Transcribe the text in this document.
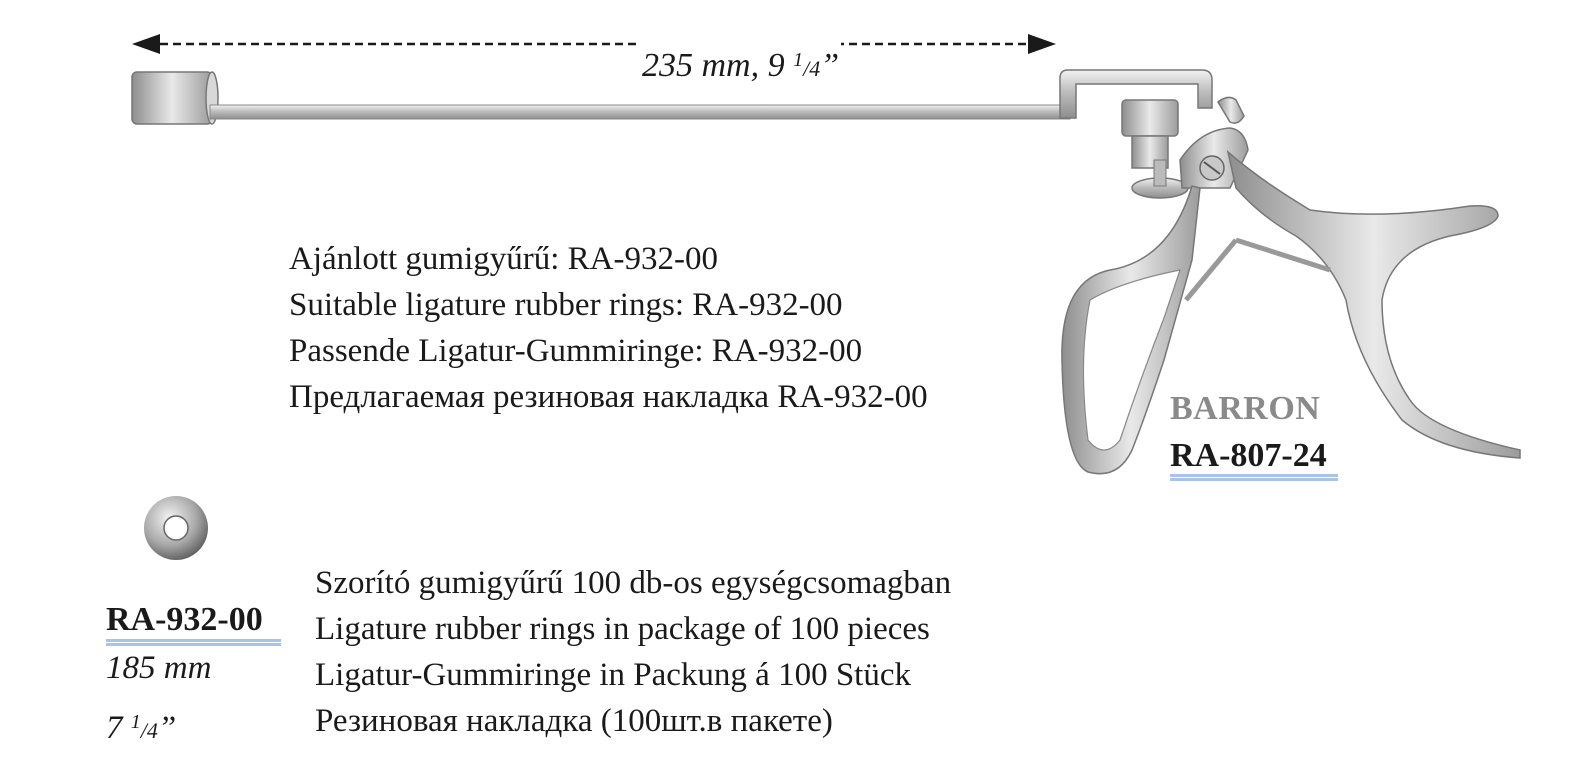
235 mm, 9 $^1$/4”
Ajánlott gumigyűrű: RA-932-00
Suitable ligature rubber rings: RA-932-00
Passende Ligatur-Gummiringe: RA-932-00
Предлагаемая резиновая накладка RA-932-00	BARRON
RA-807-24
RA-932-00
185 mm
7 $^1$/4”
Szorító gumigyűrű 100 db-os egységcsomagban
Ligature rubber rings in package of 100 pieces
Ligatur-Gummiringe in Packung á 100 Stück
Резиновая накладка (100шт.в пакете)
